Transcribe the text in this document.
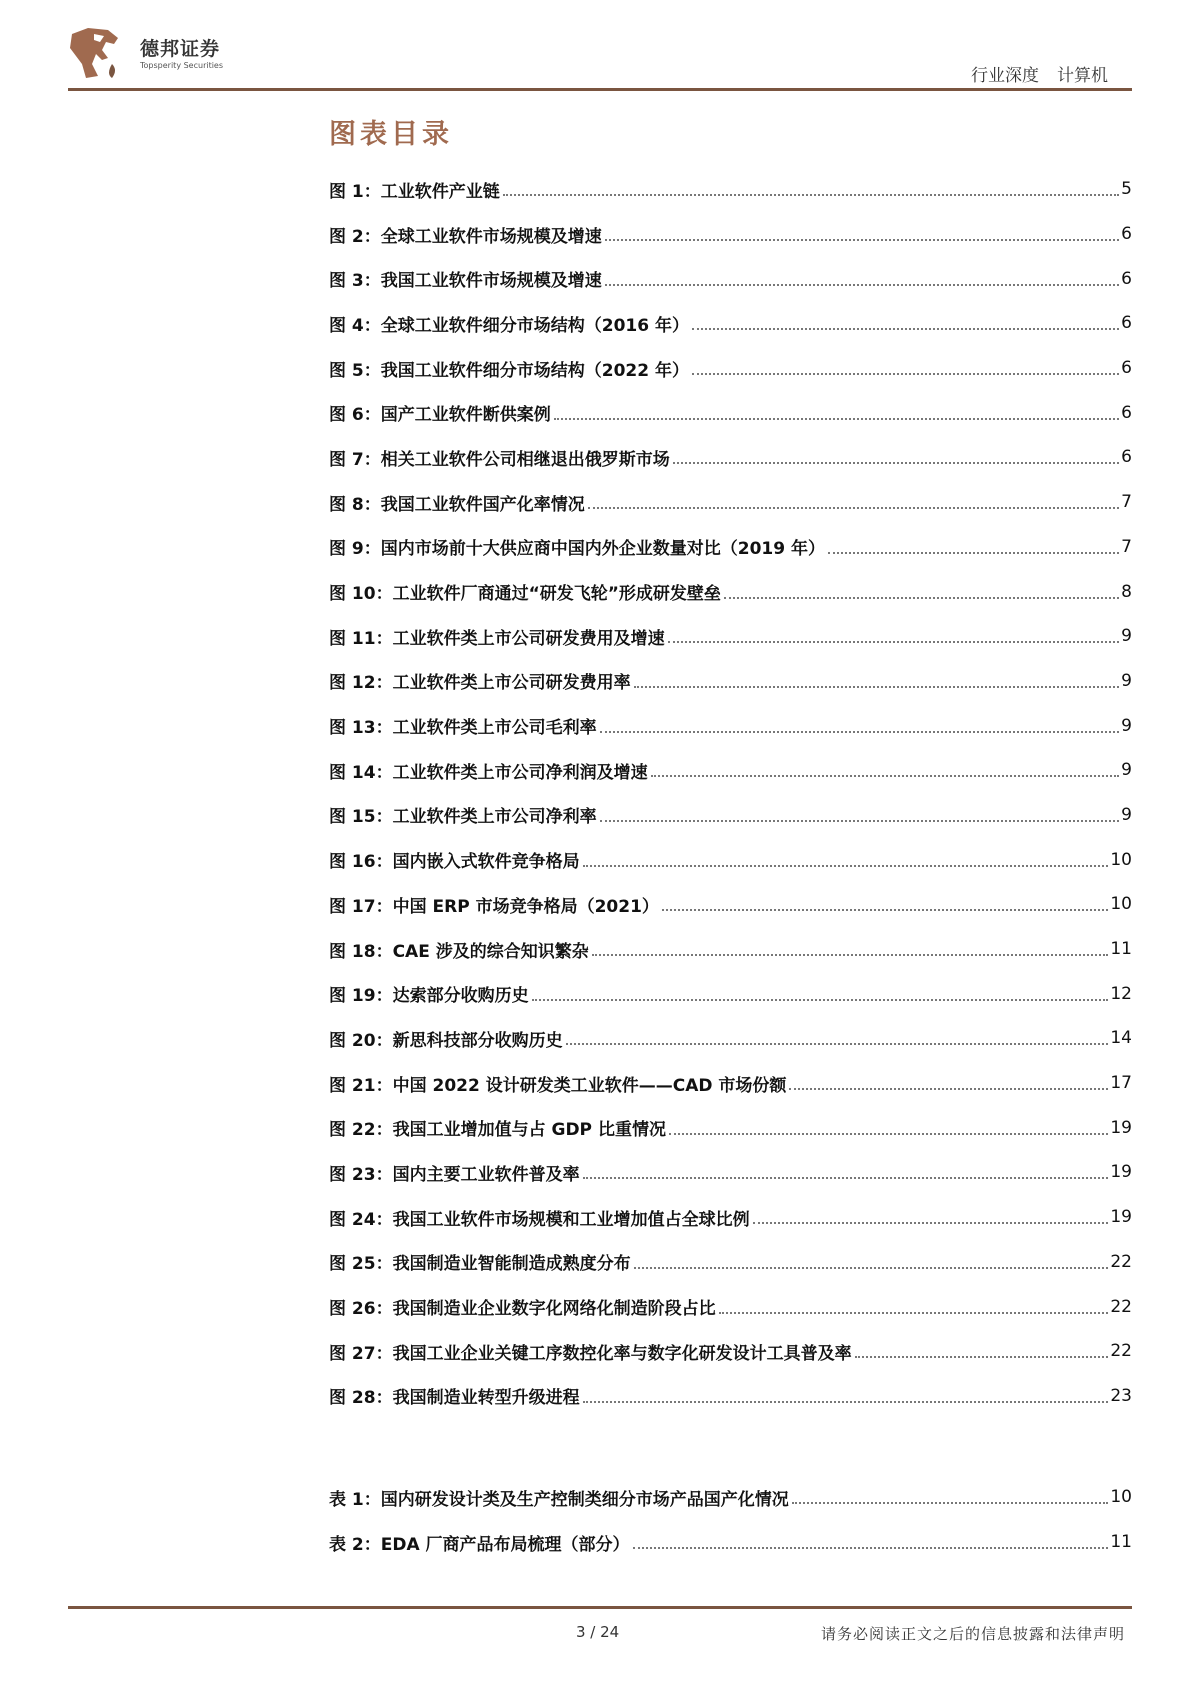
德邦证券
Topsperity Securities
行业深度 计算机
图表目录
图 1： 工业软件产业链	5
图 2： 全球工业软件市场规模及增速	6
图 3： 我国工业软件市场规模及增速	6
图 4： 全球工业软件细分市场结构（2016 年）	6
图 5： 我国工业软件细分市场结构（2022 年）	6
图 6： 国产工业软件断供案例	6
图 7： 相关工业软件公司相继退出俄罗斯市场	6
图 8： 我国工业软件国产化率情况	7
图 9： 国内市场前十大供应商中国内外企业数量对比（2019 年）	7
图 10： 工业软件厂商通过“研发飞轮”形成研发壁垒	8
图 11： 工业软件类上市公司研发费用及增速	9
图 12： 工业软件类上市公司研发费用率	9
图 13： 工业软件类上市公司毛利率	9
图 14： 工业软件类上市公司净利润及增速	9
图 15： 工业软件类上市公司净利率	9
图 16： 国内嵌入式软件竞争格局	10
图 17： 中国 ERP 市场竞争格局（2021）	10
图 18： CAE 涉及的综合知识繁杂	11
图 19： 达索部分收购历史	12
图 20： 新思科技部分收购历史	14
图 21： 中国 2022 设计研发类工业软件——CAD 市场份额	17
图 22： 我国工业增加值与占 GDP 比重情况	19
图 23： 国内主要工业软件普及率	19
图 24： 我国工业软件市场规模和工业增加值占全球比例	19
图 25： 我国制造业智能制造成熟度分布	22
图 26： 我国制造业企业数字化网络化制造阶段占比	22
图 27： 我国工业企业关键工序数控化率与数字化研发设计工具普及率	22
图 28： 我国制造业转型升级进程	23
表 1： 国内研发设计类及生产控制类细分市场产品国产化情况	10
表 2： EDA 厂商产品布局梳理（部分）	11
3 / 24	请务必阅读正文之后的信息披露和法律声明
